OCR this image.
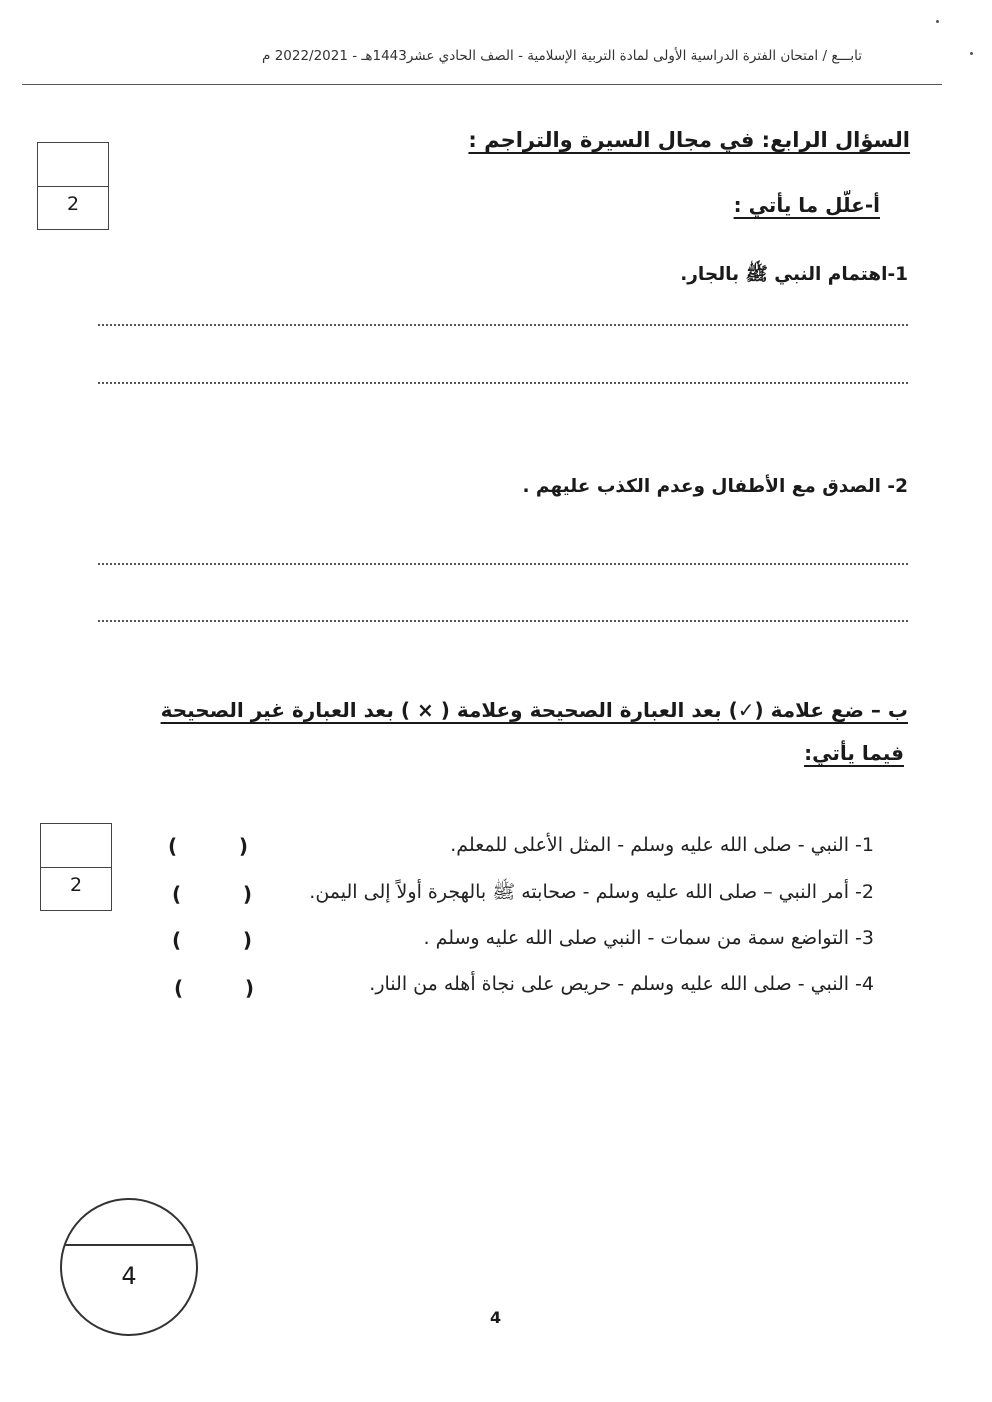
تابـــع / امتحان الفترة الدراسية الأولى لمادة التربية الإسلامية - الصف الحادي عشر1443هـ - 2022/2021 م
السؤال الرابع: في مجال السيرة والتراجم :
2	أ-علّل ما يأتي :
1-اهتمام النبي ﷺ بالجار.
2- الصدق مع الأطفال وعدم الكذب عليهم .
ب – ضع علامة (✓) بعد العبارة الصحيحة وعلامة ( × ) بعد العبارة غير الصحيحة
فيما يأتي:
2
1- النبي - صلى الله عليه وسلم - المثل الأعلى للمعلم.
(	)
2- أمر النبي – صلى الله عليه وسلم - صحابته ﷺ بالهجرة أولاً إلى اليمن.
(	)
3- التواضع سمة من سمات - النبي صلى الله عليه وسلم .
(	)
4- النبي - صلى الله عليه وسلم - حريص على نجاة أهله من النار.
(	)
4
4
